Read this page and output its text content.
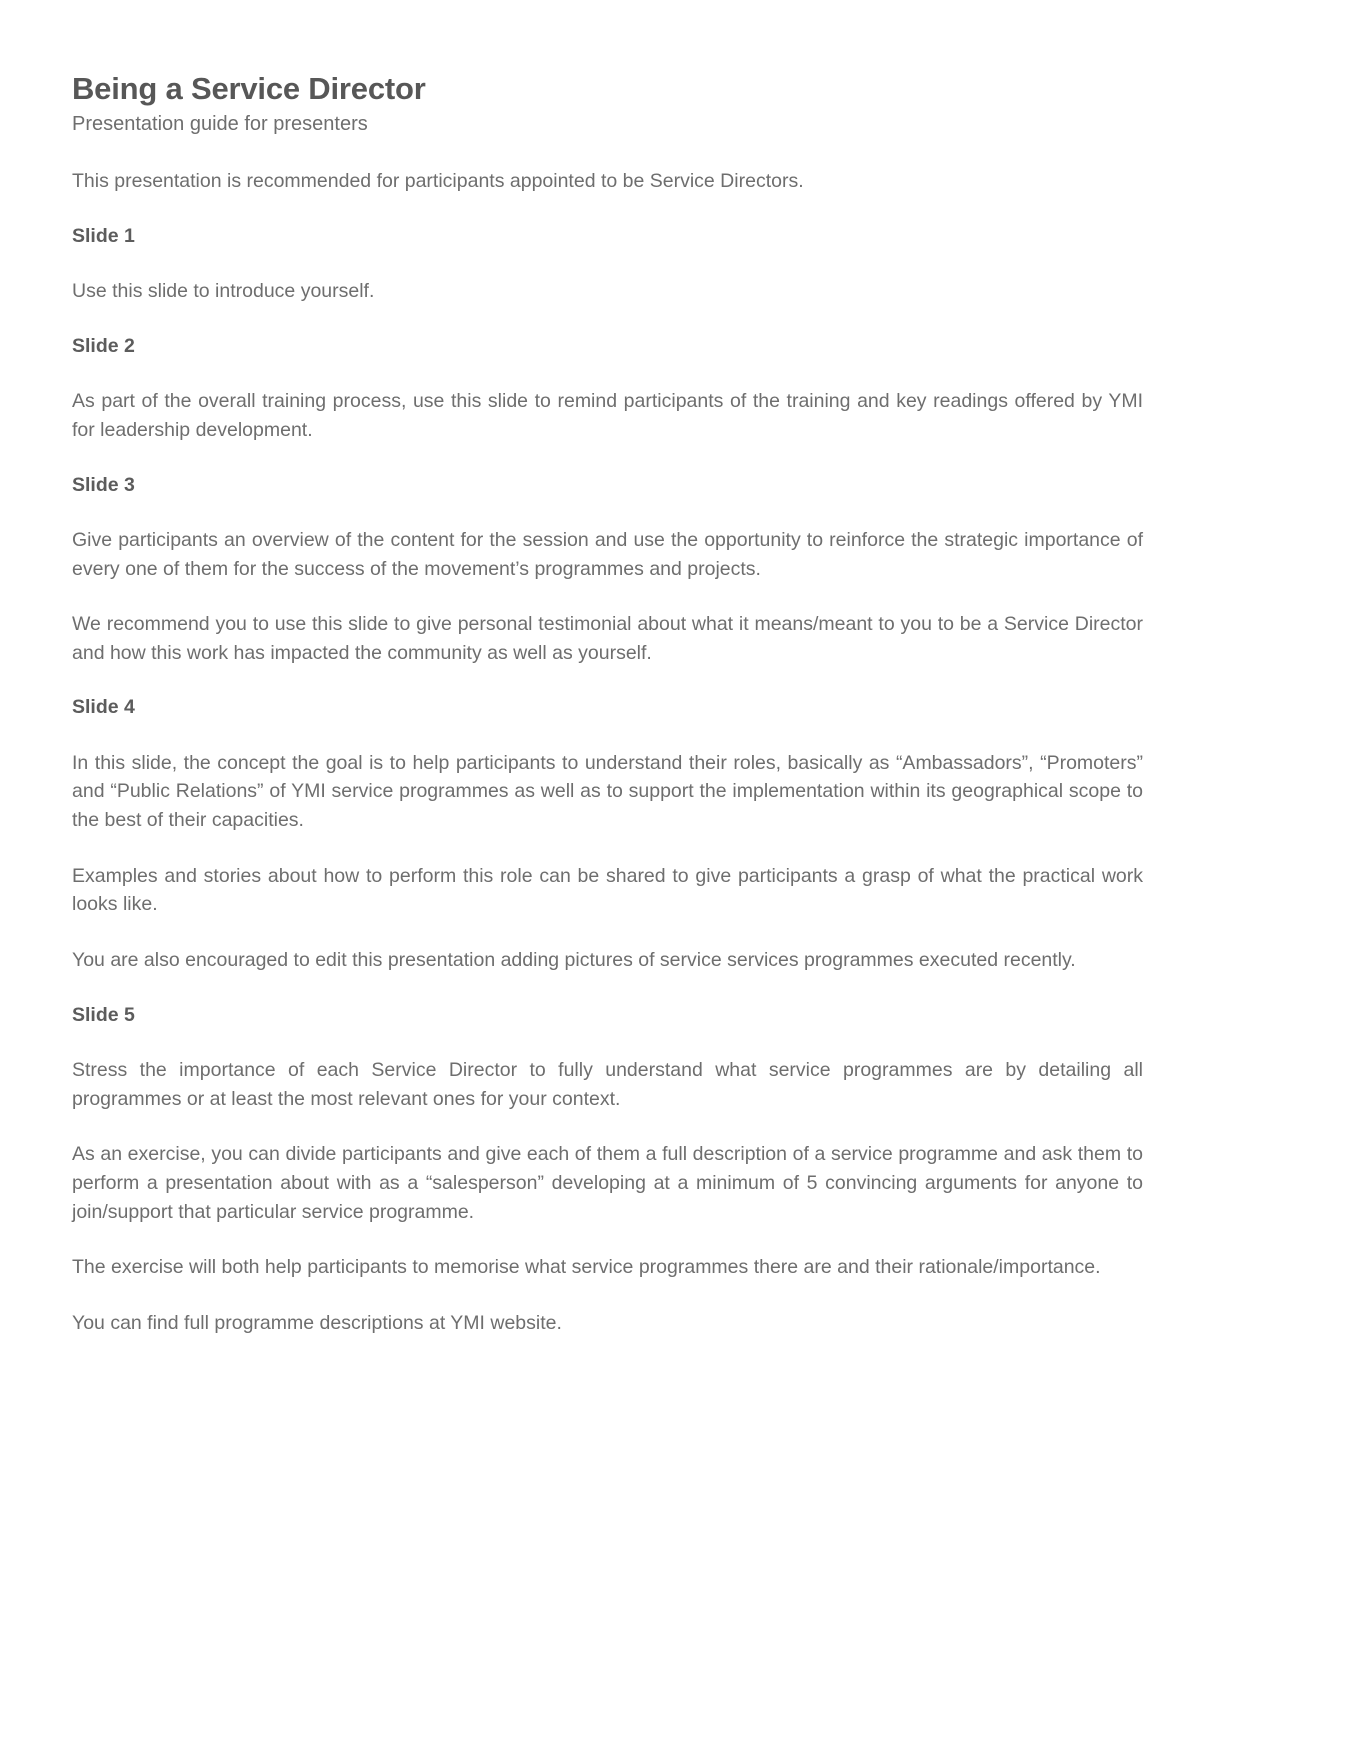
Being a Service Director
Presentation guide for presenters

This presentation is recommended for participants appointed to be Service Directors.

Slide 1

Use this slide to introduce yourself.

Slide 2

As part of the overall training process, use this slide to remind participants of the training and key readings offered by YMI for leadership development.

Slide 3

Give participants an overview of the content for the session and use the opportunity to reinforce the strategic importance of every one of them for the success of the movement’s programmes and projects.

We recommend you to use this slide to give personal testimonial about what it means/meant to you to be a Service Director and how this work has impacted the community as well as yourself.

Slide 4

In this slide, the concept the goal is to help participants to understand their roles, basically as “Ambassadors”, “Promoters” and “Public Relations” of YMI service programmes as well as to support the implementation within its geographical scope to the best of their capacities.

Examples and stories about how to perform this role can be shared to give participants a grasp of what the practical work looks like.

You are also encouraged to edit this presentation adding pictures of service services programmes executed recently.

Slide 5

Stress the importance of each Service Director to fully understand what service programmes are by detailing all programmes or at least the most relevant ones for your context.

As an exercise, you can divide participants and give each of them a full description of a service programme and ask them to perform a presentation about with as a “salesperson” developing at a minimum of 5 convincing arguments for anyone to join/support that particular service programme.

The exercise will both help participants to memorise what service programmes there are and their rationale/importance.

You can find full programme descriptions at YMI website.
